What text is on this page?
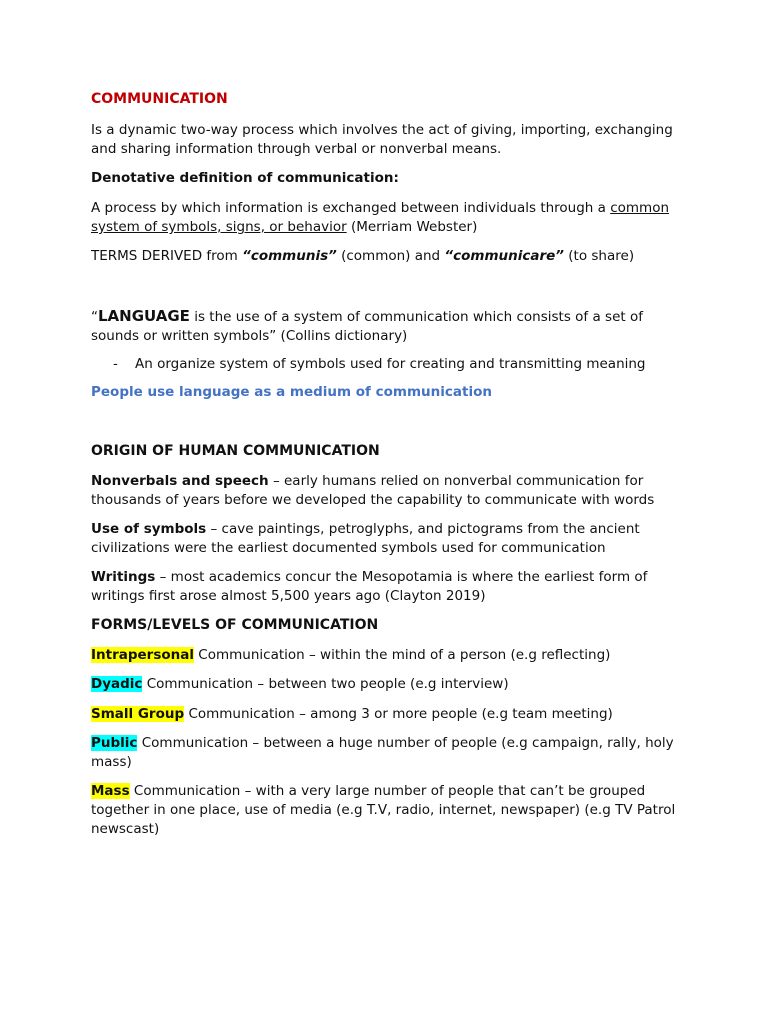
COMMUNICATION

Is a dynamic two-way process which involves the act of giving, importing, exchanging and sharing information through verbal or nonverbal means.

Denotative definition of communication:

A process by which information is exchanged between individuals through a common system of symbols, signs, or behavior (Merriam Webster)

TERMS DERIVED from “communis” (common) and “communicare” (to share)

“LANGUAGE is the use of a system of communication which consists of a set of sounds or written symbols” (Collins dictionary)

-	An organize system of symbols used for creating and transmitting meaning

People use language as a medium of communication

ORIGIN OF HUMAN COMMUNICATION

Nonverbals and speech – early humans relied on nonverbal communication for thousands of years before we developed the capability to communicate with words

Use of symbols – cave paintings, petroglyphs, and pictograms from the ancient civilizations were the earliest documented symbols used for communication

Writings – most academics concur the Mesopotamia is where the earliest form of writings first arose almost 5,500 years ago (Clayton 2019)

FORMS/LEVELS OF COMMUNICATION

Intrapersonal Communication – within the mind of a person (e.g reflecting)

Dyadic Communication – between two people (e.g interview)

Small Group Communication – among 3 or more people (e.g team meeting)

Public Communication – between a huge number of people (e.g campaign, rally, holy mass)

Mass Communication – with a very large number of people that can’t be grouped together in one place, use of media (e.g T.V, radio, internet, newspaper) (e.g TV Patrol newscast)
